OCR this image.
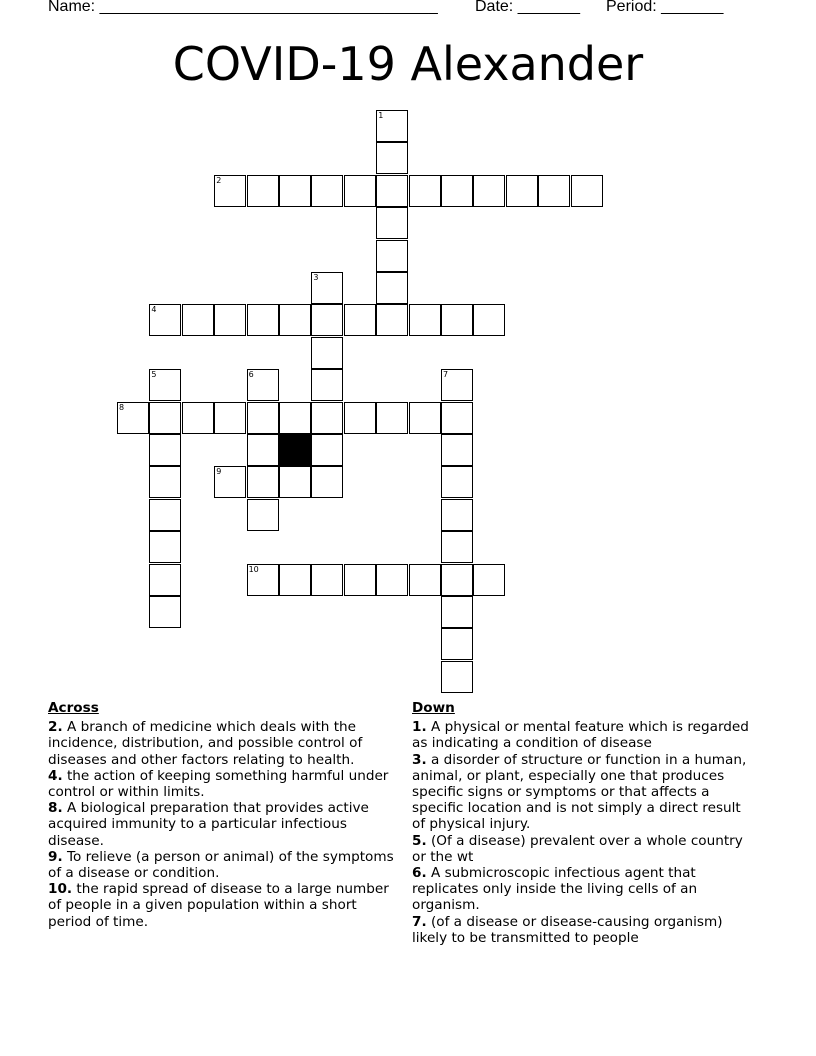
Name: ______________________________________ Date: _______ Period: _______
COVID-19 Alexander
1
2
3
4
5	6	7
8
9
10
Across
2. A branch of medicine which deals with the incidence, distribution, and possible control of diseases and other factors relating to health.
4. the action of keeping something harmful under control or within limits.
8. A biological preparation that provides active acquired immunity to a particular infectious disease.
9. To relieve (a person or animal) of the symptoms of a disease or condition.
10. the rapid spread of disease to a large number of people in a given population within a short period of time.
Down
1. A physical or mental feature which is regarded as indicating a condition of disease
3. a disorder of structure or function in a human, animal, or plant, especially one that produces specific signs or symptoms or that affects a specific location and is not simply a direct result of physical injury.
5. (Of a disease) prevalent over a whole country or the wt
6. A submicroscopic infectious agent that replicates only inside the living cells of an organism.
7. (of a disease or disease-causing organism) likely to be transmitted to people
